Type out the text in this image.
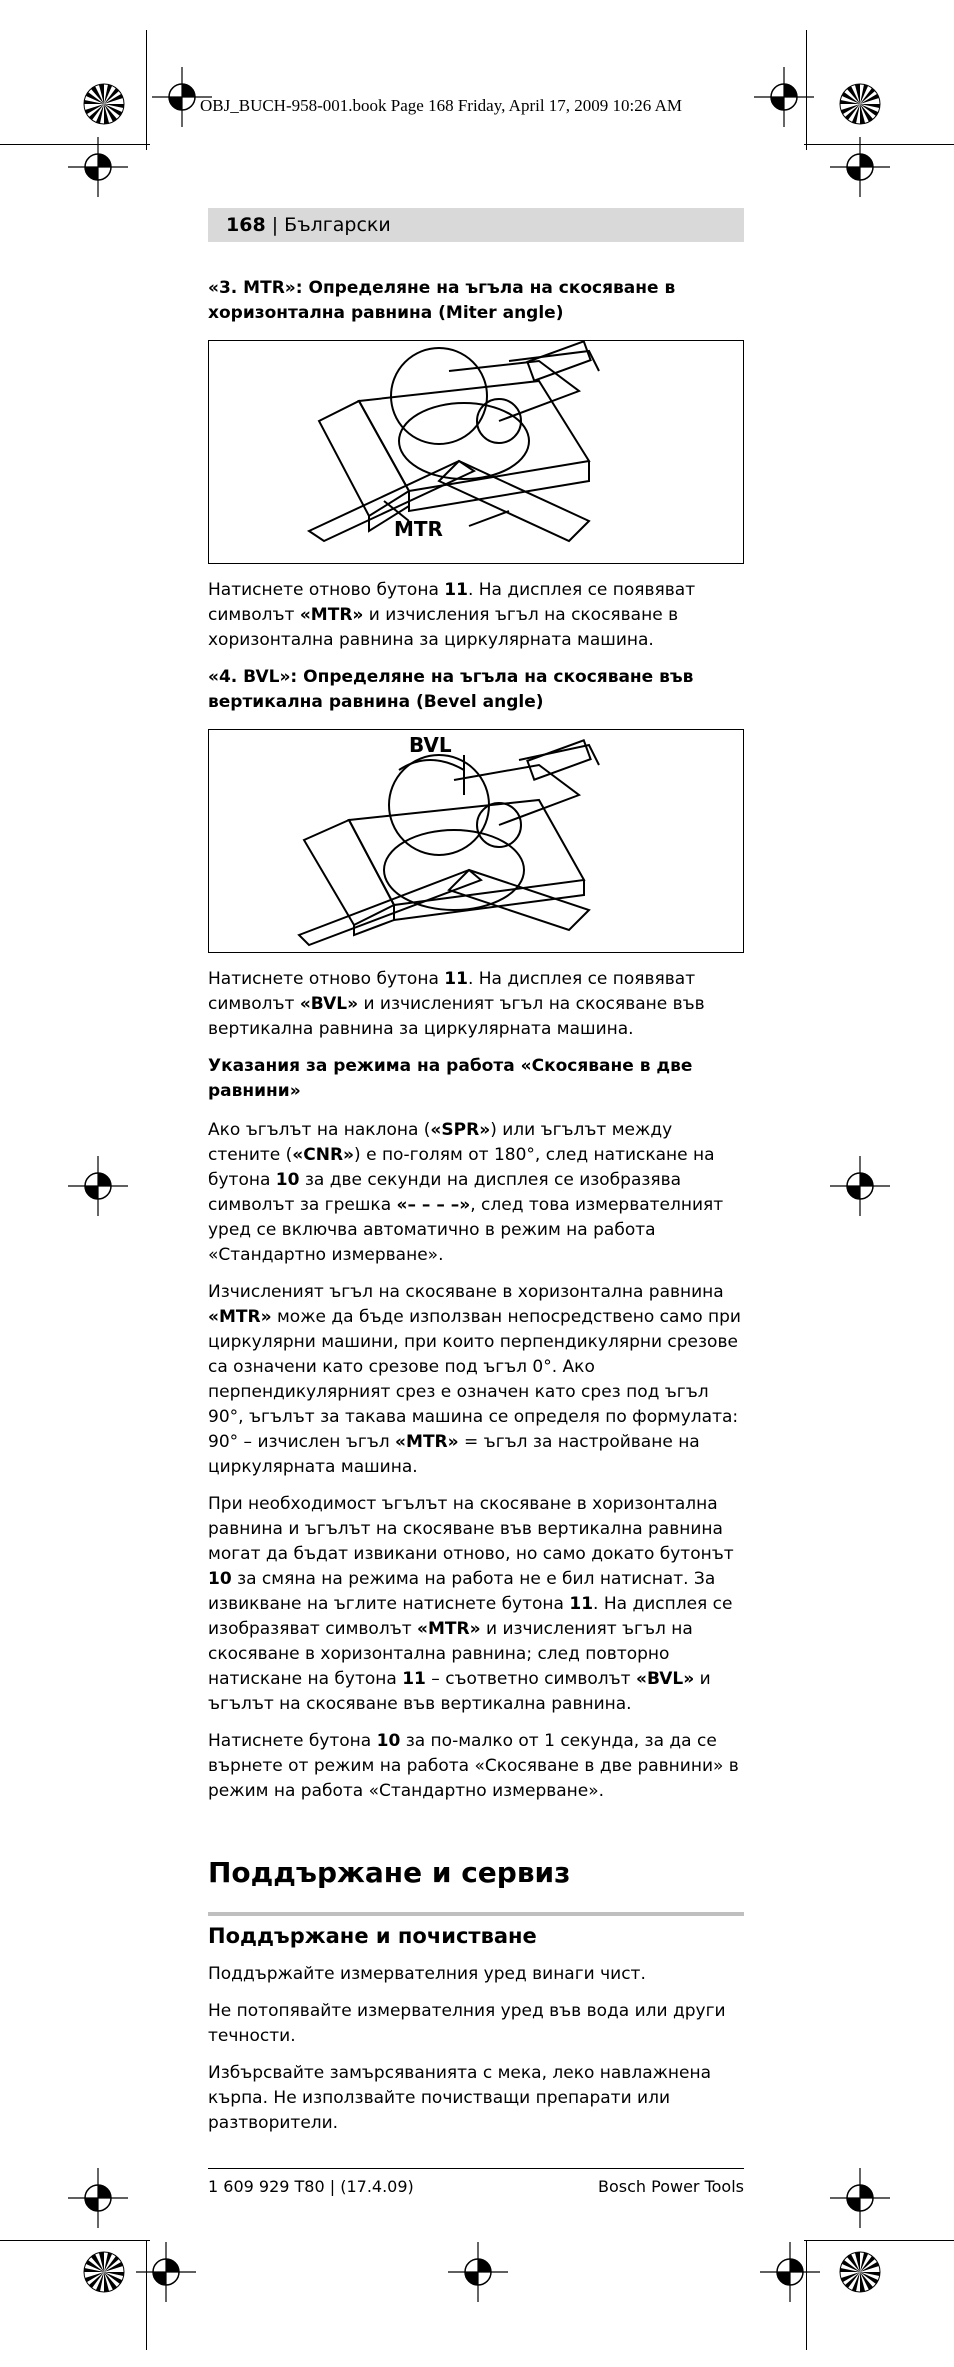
OBJ_BUCH-958-001.book Page 168 Friday, April 17, 2009 10:26 AM
168 | Български
«3. MTR»: Определяне на ъгъла на скосяване в хоризонтална равнина (Miter angle)
MTR

Натиснете отново бутона 11. На дисплея се появяват символът «MTR» и изчисления ъгъл на скосяване в хоризонтална равнина за циркулярната машина.

«4. BVL»: Определяне на ъгъла на скосяване във вертикална равнина (Bevel angle)
BVL

Натиснете отново бутона 11. На дисплея се появяват символът «BVL» и изчисленият ъгъл на скосяване във вертикална равнина за циркулярната машина.

Указания за режима на работа «Скосяване в две равнини»

Ако ъгълът на наклона («SPR») или ъгълът между стените («CNR») е по-голям от 180°, след натискане на бутона 10 за две секунди на дисплея се изобразява символът за грешка «– – – –», след това измервателният уред се включва автоматично в режим на работа «Стандартно измерване».

Изчисленият ъгъл на скосяване в хоризонтална равнина «MTR» може да бъде използван непосредствено само при циркулярни машини, при които перпендикулярни срезове са означени като срезове под ъгъл 0°. Ако перпендикулярният срез е означен като срез под ъгъл 90°, ъгълът за такава машина се определя по формулата:
90° – изчислен ъгъл «MTR» = ъгъл за настройване на циркулярната машина.

При необходимост ъгълът на скосяване в хоризонтална равнина и ъгълът на скосяване във вертикална равнина могат да бъдат извикани отново, но само докато бутонът 10 за смяна на режима на работа не е бил натиснат. За извикване на ъглите натиснете бутона 11. На дисплея се изобразяват символът «MTR» и изчисленият ъгъл на скосяване в хоризонтална равнина; след повторно натискане на бутона 11 – съответно символът «BVL» и ъгълът на скосяване във вертикална равнина.

Натиснете бутона 10 за по-малко от 1 секунда, за да се върнете от режим на работа «Скосяване в две равнини» в режим на работа «Стандартно измерване».

Поддържане и сервиз
Поддържане и почистване

Поддържайте измервателния уред винаги чист.

Не потопявайте измервателния уред във вода или други течности.

Избърсвайте замърсяванията с мека, леко навлажнена кърпа. Не използвайте почистващи препарати или разтворители.

1 609 929 T80 | (17.4.09)	Bosch Power Tools
